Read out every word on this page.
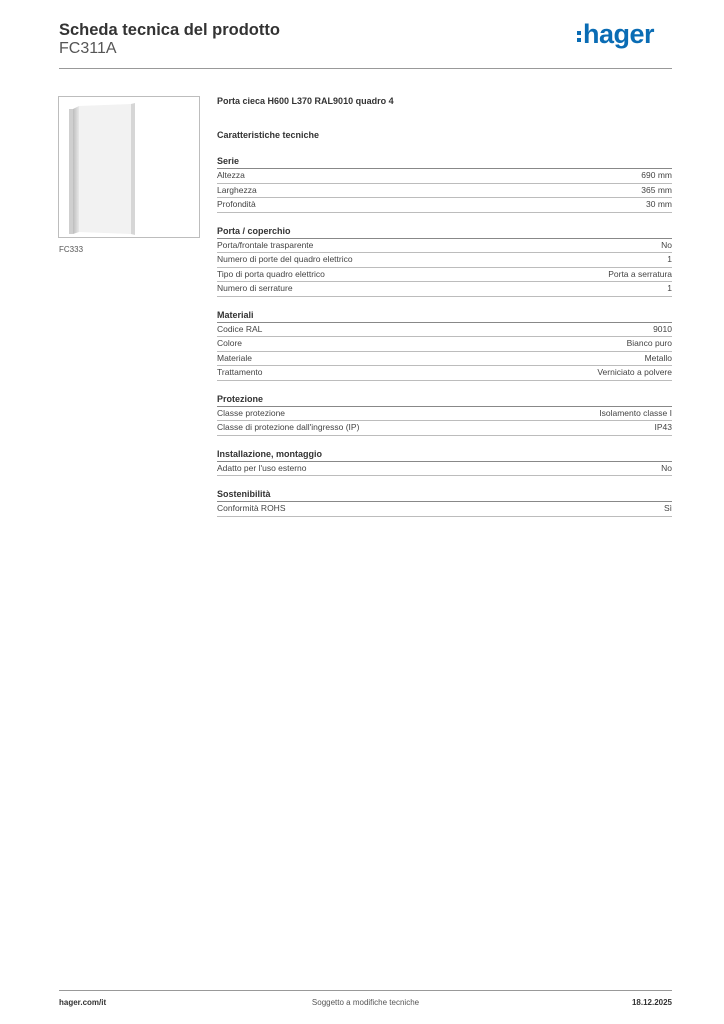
Scheda tecnica del prodotto
FC311A	hager
FC333
Porta cieca H600 L370 RAL9010 quadro 4
Caratteristiche tecniche
Serie
Altezza	690 mm
Larghezza	365 mm
Profondità	30 mm
Porta / coperchio
Porta/frontale trasparente	No
Numero di porte del quadro elettrico	1
Tipo di porta quadro elettrico	Porta a serratura
Numero di serrature	1
Materiali
Codice RAL	9010
Colore	Bianco puro
Materiale	Metallo
Trattamento	Verniciato a polvere
Protezione
Classe protezione	Isolamento classe I
Classe di protezione dall'ingresso (IP)	IP43
Installazione, montaggio
Adatto per l'uso esterno	No
Sostenibilità
Conformità ROHS	Sì
hager.com/it	Soggetto a modifiche tecniche	18.12.2025
